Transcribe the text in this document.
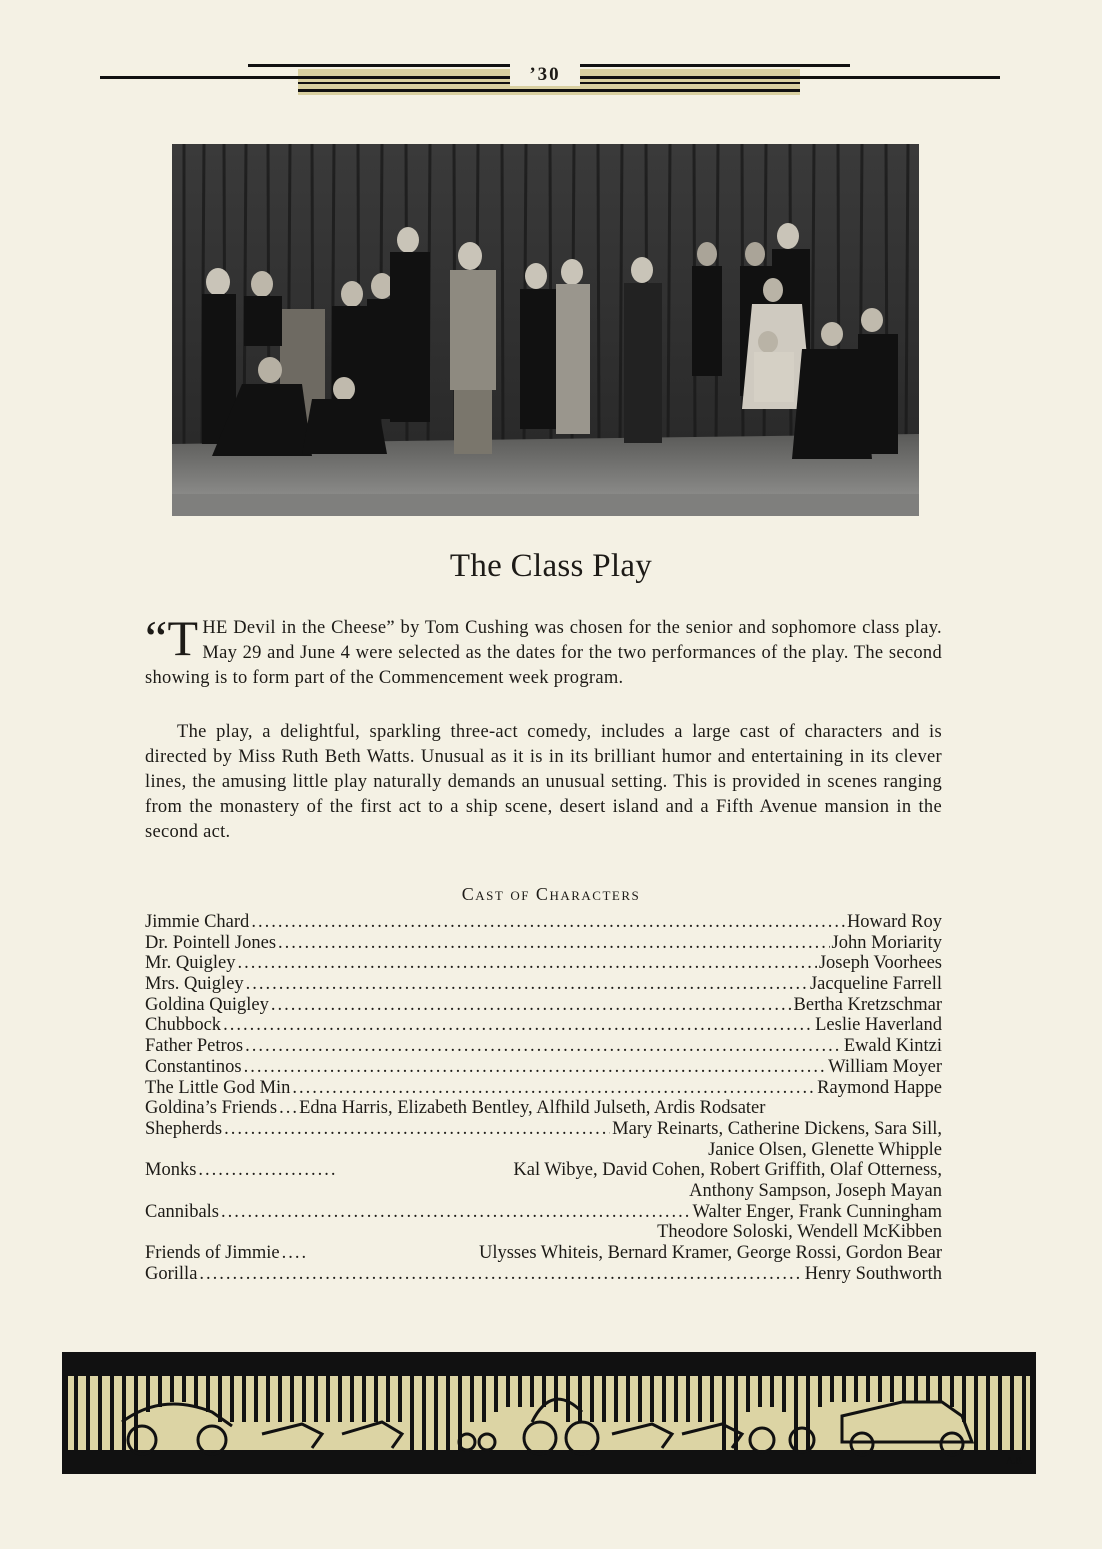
’30
The Class Play
“THE Devil in the Cheese” by Tom Cushing was chosen for the senior and sophomore class play. May 29 and June 4 were selected as the dates for the two performances of the play. The second showing is to form part of the Commencement week program.
The play, a delightful, sparkling three-act comedy, includes a large cast of characters and is directed by Miss Ruth Beth Watts. Unusual as it is in its brilliant humor and entertaining in its clever lines, the amusing little play naturally demands an unusual setting. This is provided in scenes ranging from the monastery of the first act to a ship scene, desert island and a Fifth Avenue mansion in the second act.
Cast of Characters
Jimmie Chard .....	Howard Roy
Dr. Pointell Jones .....	John Moriarity
Mr. Quigley .....	Joseph Voorhees
Mrs. Quigley .....	Jacqueline Farrell
Goldina Quigley .....	Bertha Kretzschmar
Chubbock .....	Leslie Haverland
Father Petros .....	Ewald Kintzi
Constantinos .....	William Moyer
The Little God Min .....	Raymond Happe
Goldina’s Friends ..... Edna Harris, Elizabeth Bentley, Alfhild Julseth, Ardis Rodsater
Shepherds .....	Mary Reinarts, Catherine Dickens, Sara Sill,
Janice Olsen, Glenette Whipple
Monks .....	Kal Wibye, David Cohen, Robert Griffith, Olaf Otterness,
Anthony Sampson, Joseph Mayan
Cannibals .....	Walter Enger, Frank Cunningham
Theodore Soloski, Wendell McKibben
Friends of Jimmie .....	Ulysses Whiteis, Bernard Kramer, George Rossi, Gordon Bear
Gorilla .....	Henry Southworth
A.P.
